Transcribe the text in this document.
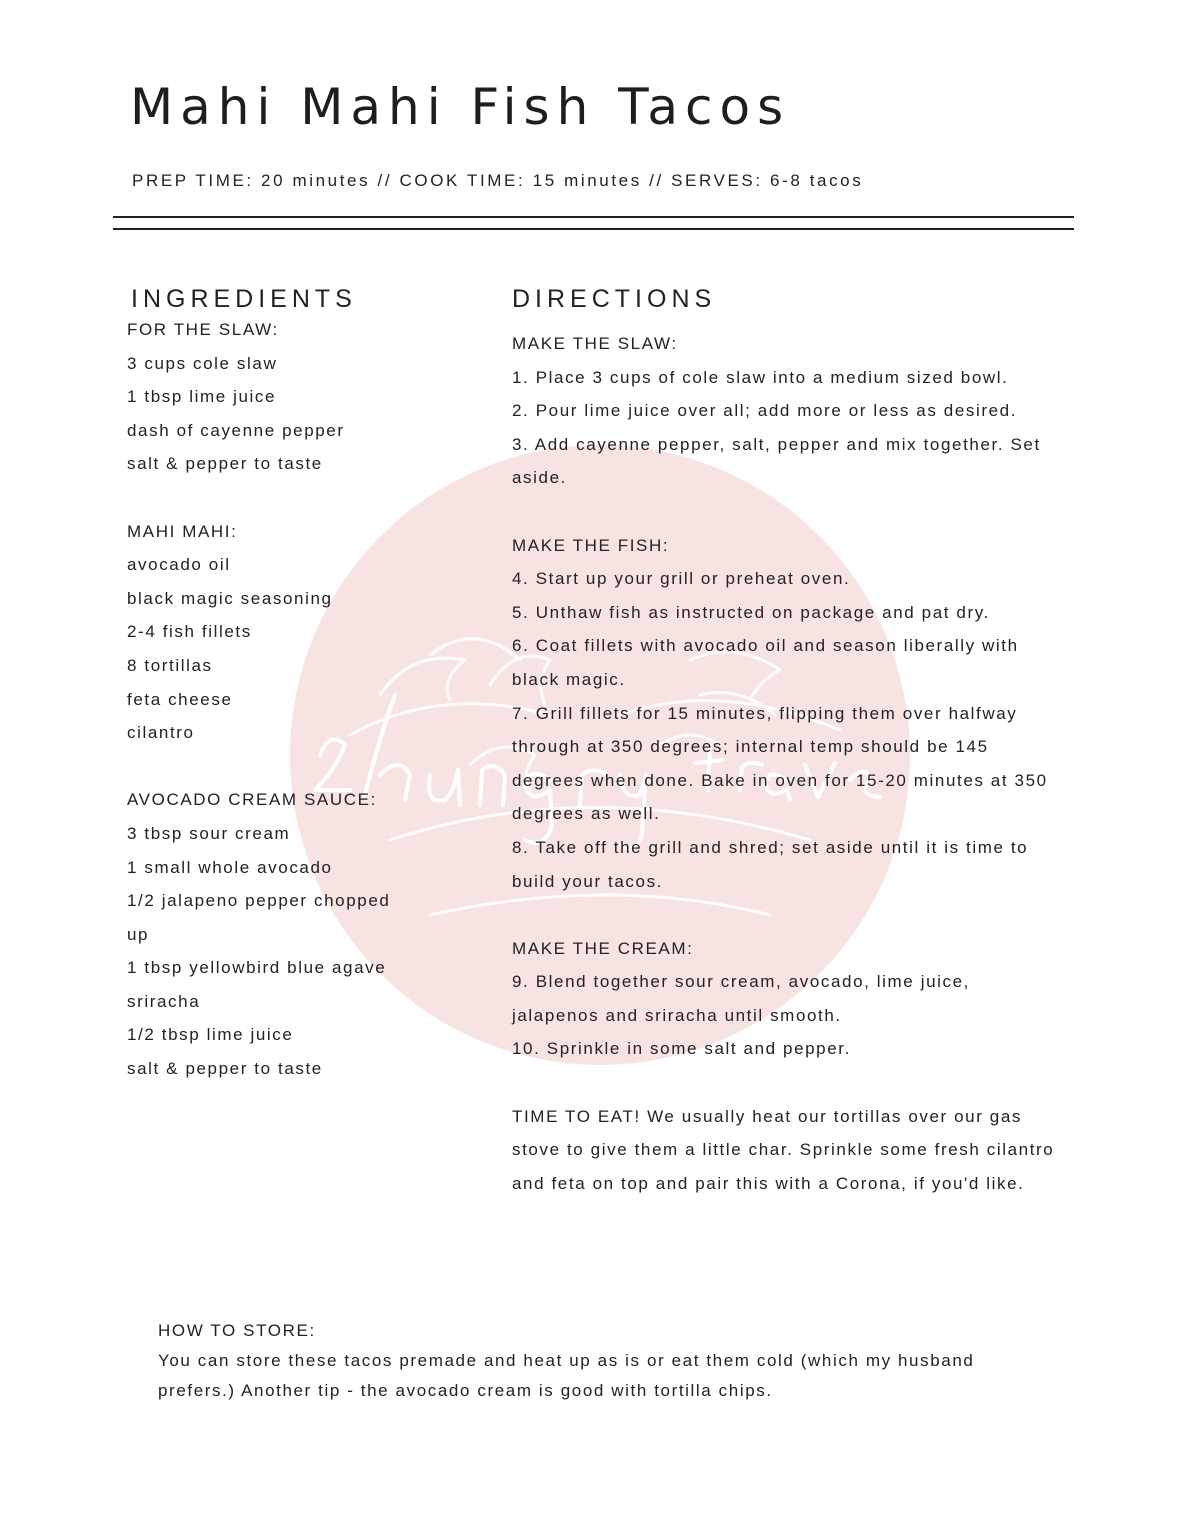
Mahi Mahi Fish Tacos
PREP TIME: 20 minutes // COOK TIME: 15 minutes // SERVES: 6-8 tacos
INGREDIENTS	DIRECTIONS
FOR THE SLAW:
3 cups cole slaw
1 tbsp lime juice
dash of cayenne pepper
salt & pepper to taste
MAHI MAHI:
avocado oil
black magic seasoning
2-4 fish fillets
8 tortillas
feta cheese
cilantro
AVOCADO CREAM SAUCE:
3 tbsp sour cream
1 small whole avocado
1/2 jalapeno pepper chopped
up
1 tbsp yellowbird blue agave
sriracha
1/2 tbsp lime juice
salt & pepper to taste
MAKE THE SLAW:
1. Place 3 cups of cole slaw into a medium sized bowl.
2. Pour lime juice over all; add more or less as desired.
3. Add cayenne pepper, salt, pepper and mix together. Set
aside.
MAKE THE FISH:
4. Start up your grill or preheat oven.
5. Unthaw fish as instructed on package and pat dry.
6. Coat fillets with avocado oil and season liberally with
black magic.
7. Grill fillets for 15 minutes, flipping them over halfway
through at 350 degrees; internal temp should be 145
degrees when done. Bake in oven for 15-20 minutes at 350
degrees as well.
8. Take off the grill and shred; set aside until it is time to
build your tacos.
MAKE THE CREAM:
9. Blend together sour cream, avocado, lime juice,
jalapenos and sriracha until smooth.
10. Sprinkle in some salt and pepper.
TIME TO EAT! We usually heat our tortillas over our gas
stove to give them a little char. Sprinkle some fresh cilantro
and feta on top and pair this with a Corona, if you'd like.
HOW TO STORE:
You can store these tacos premade and heat up as is or eat them cold (which my husband
prefers.) Another tip - the avocado cream is good with tortilla chips.
